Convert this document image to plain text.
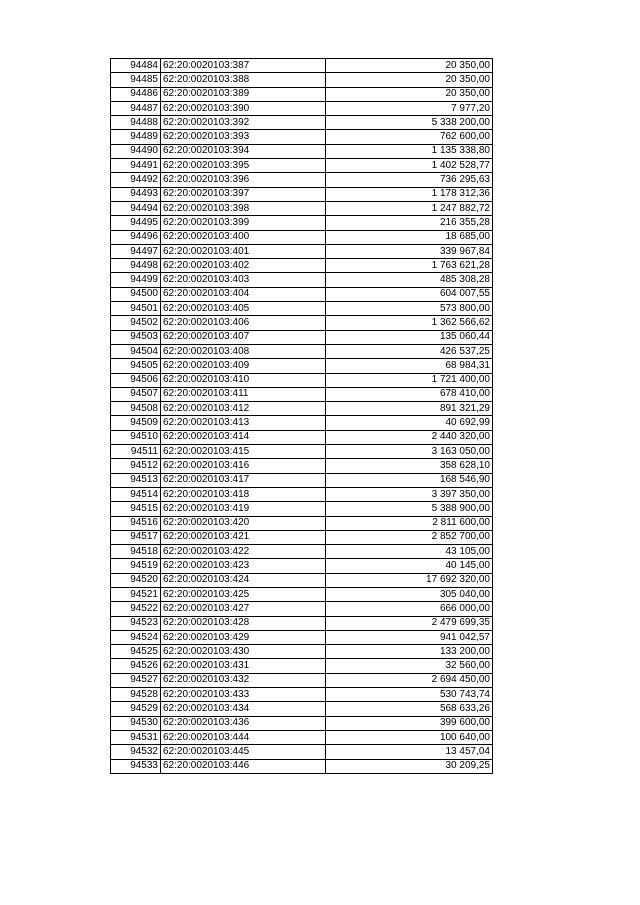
94484	62:20:0020103:387	20 350,00
94485	62:20:0020103:388	20 350,00
94486	62:20:0020103:389	20 350,00
94487	62:20:0020103:390	7 977,20
94488	62:20:0020103:392	5 338 200,00
94489	62:20:0020103:393	762 600,00
94490	62:20:0020103:394	1 135 338,80
94491	62:20:0020103:395	1 402 528,77
94492	62:20:0020103:396	736 295,63
94493	62:20:0020103:397	1 178 312,36
94494	62:20:0020103:398	1 247 882,72
94495	62:20:0020103:399	216 355,28
94496	62:20:0020103:400	18 685,00
94497	62:20:0020103:401	339 967,84
94498	62:20:0020103:402	1 763 621,28
94499	62:20:0020103:403	485 308,28
94500	62:20:0020103:404	604 007,55
94501	62:20:0020103:405	573 800,00
94502	62:20:0020103:406	1 362 566,62
94503	62:20:0020103:407	135 060,44
94504	62:20:0020103:408	426 537,25
94505	62:20:0020103:409	68 984,31
94506	62:20:0020103:410	1 721 400,00
94507	62:20:0020103:411	678 410,00
94508	62:20:0020103:412	891 321,29
94509	62:20:0020103:413	40 692,99
94510	62:20:0020103:414	2 440 320,00
94511	62:20:0020103:415	3 163 050,00
94512	62:20:0020103:416	358 628,10
94513	62:20:0020103:417	168 546,90
94514	62:20:0020103:418	3 397 350,00
94515	62:20:0020103:419	5 388 900,00
94516	62:20:0020103:420	2 811 600,00
94517	62:20:0020103:421	2 852 700,00
94518	62:20:0020103:422	43 105,00
94519	62:20:0020103:423	40 145,00
94520	62:20:0020103:424	17 692 320,00
94521	62:20:0020103:425	305 040,00
94522	62:20:0020103:427	666 000,00
94523	62:20:0020103:428	2 479 699,35
94524	62:20:0020103:429	941 042,57
94525	62:20:0020103:430	133 200,00
94526	62:20:0020103:431	32 560,00
94527	62:20:0020103:432	2 694 450,00
94528	62:20:0020103:433	530 743,74
94529	62:20:0020103:434	568 633,26
94530	62:20:0020103:436	399 600,00
94531	62:20:0020103:444	100 640,00
94532	62:20:0020103:445	13 457,04
94533	62:20:0020103:446	30 209,25
